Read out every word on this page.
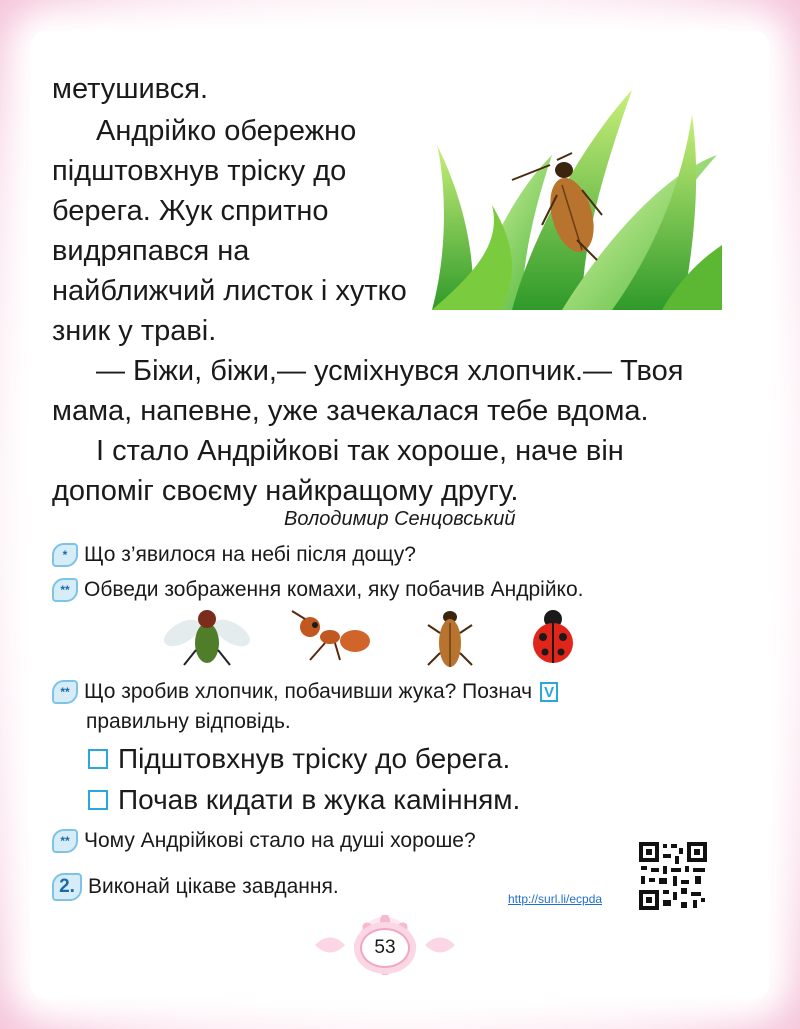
метушився.

Андрійко обережно

підштовхнув тріску до

берега. Жук спритно

видряпався на

найближчий листок і хутко

зник у траві.

— Біжи, біжи,— усміхнувся хлопчик.— Твоя

мама, напевне, уже зачекалася тебе вдома.

І стало Андрійкові так хороше, наче він

допоміг своєму найкращому другу.

Володимир Сенцовський
* Що з’явилося на небі після дощу?
** Обведи зображення комахи, яку побачив Андрійко.
** Що зробив хлопчик, побачивши жука? Познач V
правильну відповідь.
Підштовхнув тріску до берега.
Почав кидати в жука камінням.
** Чому Андрійкові стало на душі хороше?
2. Виконай цікаве завдання.
http://surl.li/ecpda
53
